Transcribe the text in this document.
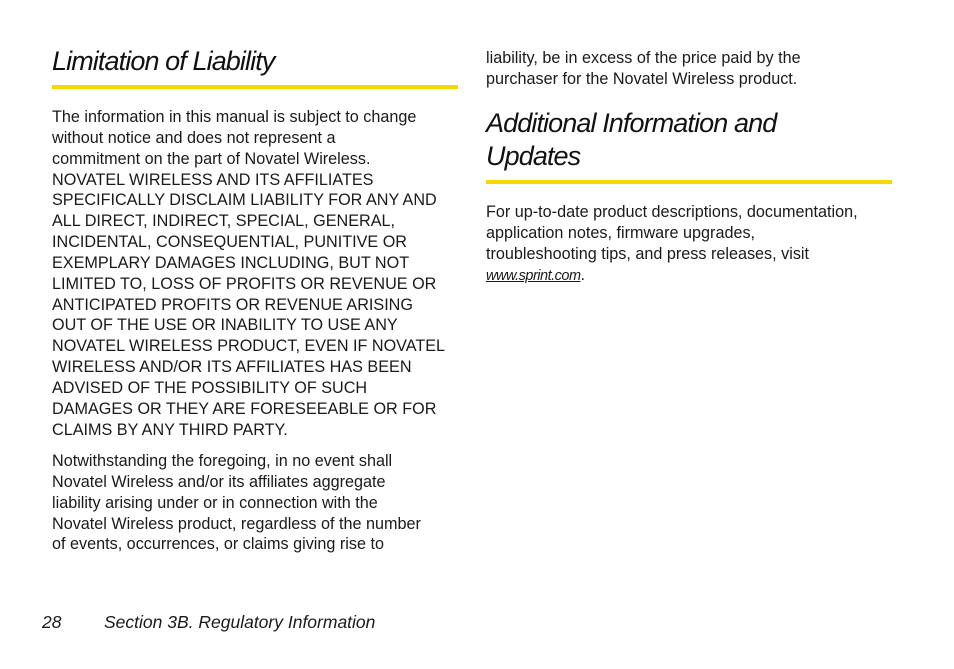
Limitation of Liability
The information in this manual is subject to change
without notice and does not represent a
commitment on the part of Novatel Wireless.
NOVATEL WIRELESS AND ITS AFFILIATES
SPECIFICALLY DISCLAIM LIABILITY FOR ANY AND
ALL DIRECT, INDIRECT, SPECIAL, GENERAL,
INCIDENTAL, CONSEQUENTIAL, PUNITIVE OR
EXEMPLARY DAMAGES INCLUDING, BUT NOT
LIMITED TO, LOSS OF PROFITS OR REVENUE OR
ANTICIPATED PROFITS OR REVENUE ARISING
OUT OF THE USE OR INABILITY TO USE ANY
NOVATEL WIRELESS PRODUCT, EVEN IF NOVATEL
WIRELESS AND/OR ITS AFFILIATES HAS BEEN
ADVISED OF THE POSSIBILITY OF SUCH
DAMAGES OR THEY ARE FORESEEABLE OR FOR
CLAIMS BY ANY THIRD PARTY.
Notwithstanding the foregoing, in no event shall
Novatel Wireless and/or its affiliates aggregate
liability arising under or in connection with the
Novatel Wireless product, regardless of the number
of events, occurrences, or claims giving rise to
liability, be in excess of the price paid by the
purchaser for the Novatel Wireless product.
Additional Information and
Updates
For up-to-date product descriptions, documentation,
application notes, firmware upgrades,
troubleshooting tips, and press releases, visit
www.sprint.com.
28 Section 3B. Regulatory Information
